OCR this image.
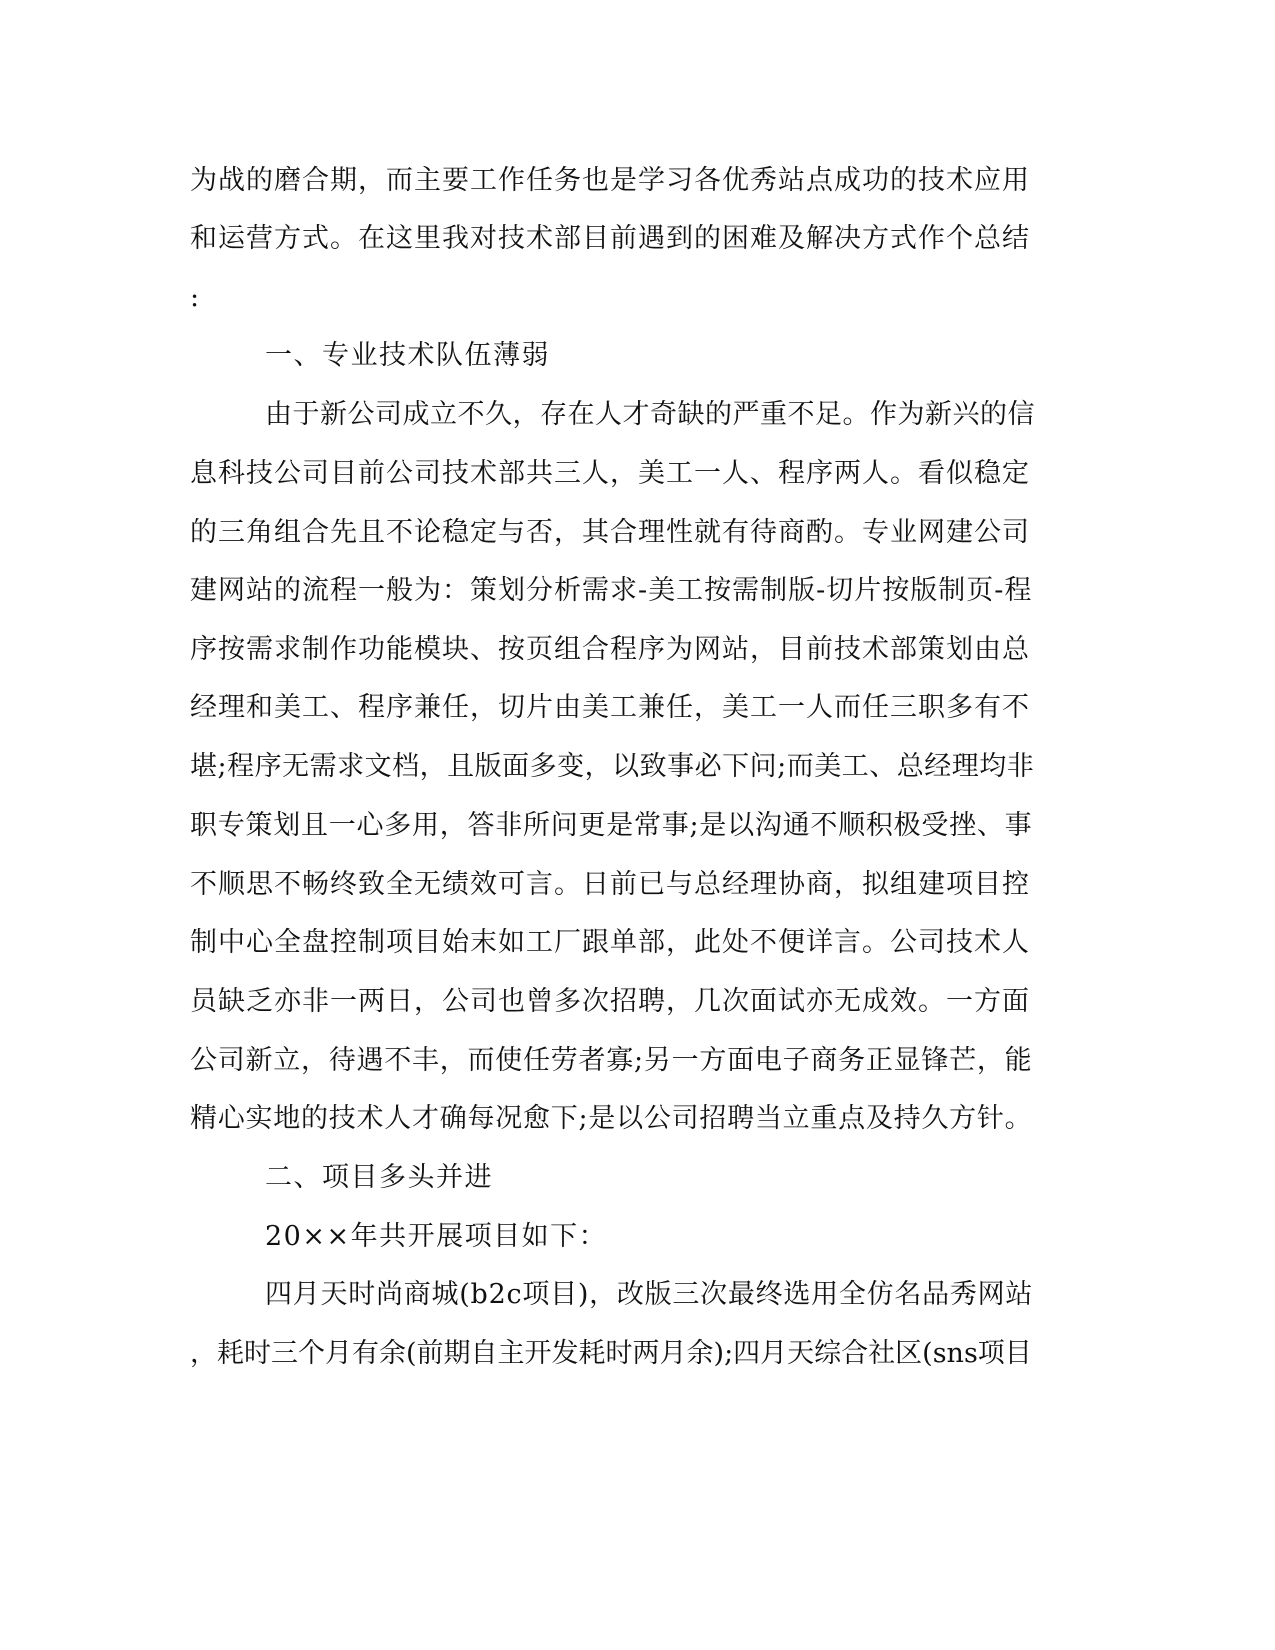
为战的磨合期，而主要工作任务也是学习各优秀站点成功的技术应用
和运营方式。在这里我对技术部目前遇到的困难及解决方式作个总结
:
一、专业技术队伍薄弱
由于新公司成立不久，存在人才奇缺的严重不足。作为新兴的信
息科技公司目前公司技术部共三人，美工一人、程序两人。看似稳定
的三角组合先且不论稳定与否，其合理性就有待商酌。专业网建公司
建网站的流程一般为：策划分析需求-美工按需制版-切片按版制页-程
序按需求制作功能模块、按页组合程序为网站，目前技术部策划由总
经理和美工、程序兼任，切片由美工兼任，美工一人而任三职多有不
堪;程序无需求文档，且版面多变，以致事必下问;而美工、总经理均非
职专策划且一心多用，答非所问更是常事;是以沟通不顺积极受挫、事
不顺思不畅终致全无绩效可言。日前已与总经理协商，拟组建项目控
制中心全盘控制项目始末如工厂跟单部，此处不便详言。公司技术人
员缺乏亦非一两日，公司也曾多次招聘，几次面试亦无成效。一方面
公司新立，待遇不丰，而使任劳者寡;另一方面电子商务正显锋芒，能
精心实地的技术人才确每况愈下;是以公司招聘当立重点及持久方针。
二、项目多头并进
20××年共开展项目如下：
四月天时尚商城(b2c项目)，改版三次最终选用全仿名品秀网站
，耗时三个月有余(前期自主开发耗时两月余);四月天综合社区(sns项目
